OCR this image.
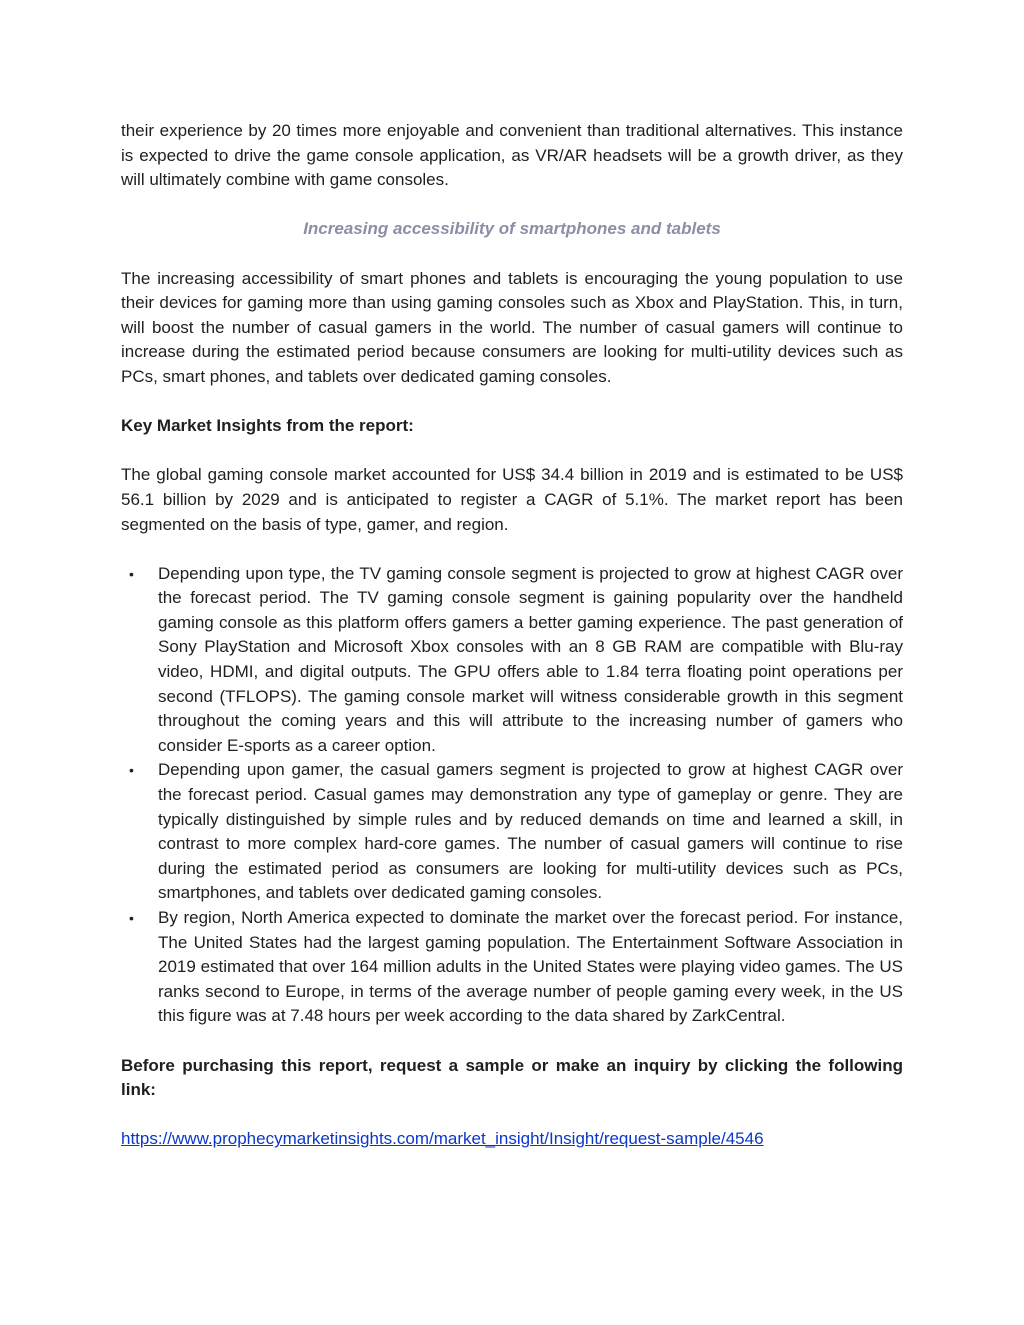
their experience by 20 times more enjoyable and convenient than traditional alternatives. This instance is expected to drive the game console application, as VR/AR headsets will be a growth driver, as they will ultimately combine with game consoles.

Increasing accessibility of smartphones and tablets

The increasing accessibility of smart phones and tablets is encouraging the young population to use their devices for gaming more than using gaming consoles such as Xbox and PlayStation. This, in turn, will boost the number of casual gamers in the world. The number of casual gamers will continue to increase during the estimated period because consumers are looking for multi-utility devices such as PCs, smart phones, and tablets over dedicated gaming consoles.

Key Market Insights from the report:

The global gaming console market accounted for US$ 34.4 billion in 2019 and is estimated to be US$ 56.1 billion by 2029 and is anticipated to register a CAGR of 5.1%. The market report has been segmented on the basis of type, gamer, and region.

• Depending upon type, the TV gaming console segment is projected to grow at highest CAGR over the forecast period. The TV gaming console segment is gaining popularity over the handheld gaming console as this platform offers gamers a better gaming experience. The past generation of Sony PlayStation and Microsoft Xbox consoles with an 8 GB RAM are compatible with Blu-ray video, HDMI, and digital outputs. The GPU offers able to 1.84 terra floating point operations per second (TFLOPS). The gaming console market will witness considerable growth in this segment throughout the coming years and this will attribute to the increasing number of gamers who consider E-sports as a career option.
• Depending upon gamer, the casual gamers segment is projected to grow at highest CAGR over the forecast period. Casual games may demonstration any type of gameplay or genre. They are typically distinguished by simple rules and by reduced demands on time and learned a skill, in contrast to more complex hard-core games. The number of casual gamers will continue to rise during the estimated period as consumers are looking for multi-utility devices such as PCs, smartphones, and tablets over dedicated gaming consoles.
• By region, North America expected to dominate the market over the forecast period. For instance, The United States had the largest gaming population. The Entertainment Software Association in 2019 estimated that over 164 million adults in the United States were playing video games. The US ranks second to Europe, in terms of the average number of people gaming every week, in the US this figure was at 7.48 hours per week according to the data shared by ZarkCentral.

Before purchasing this report, request a sample or make an inquiry by clicking the following link:

https://www.prophecymarketinsights.com/market_insight/Insight/request-sample/4546
